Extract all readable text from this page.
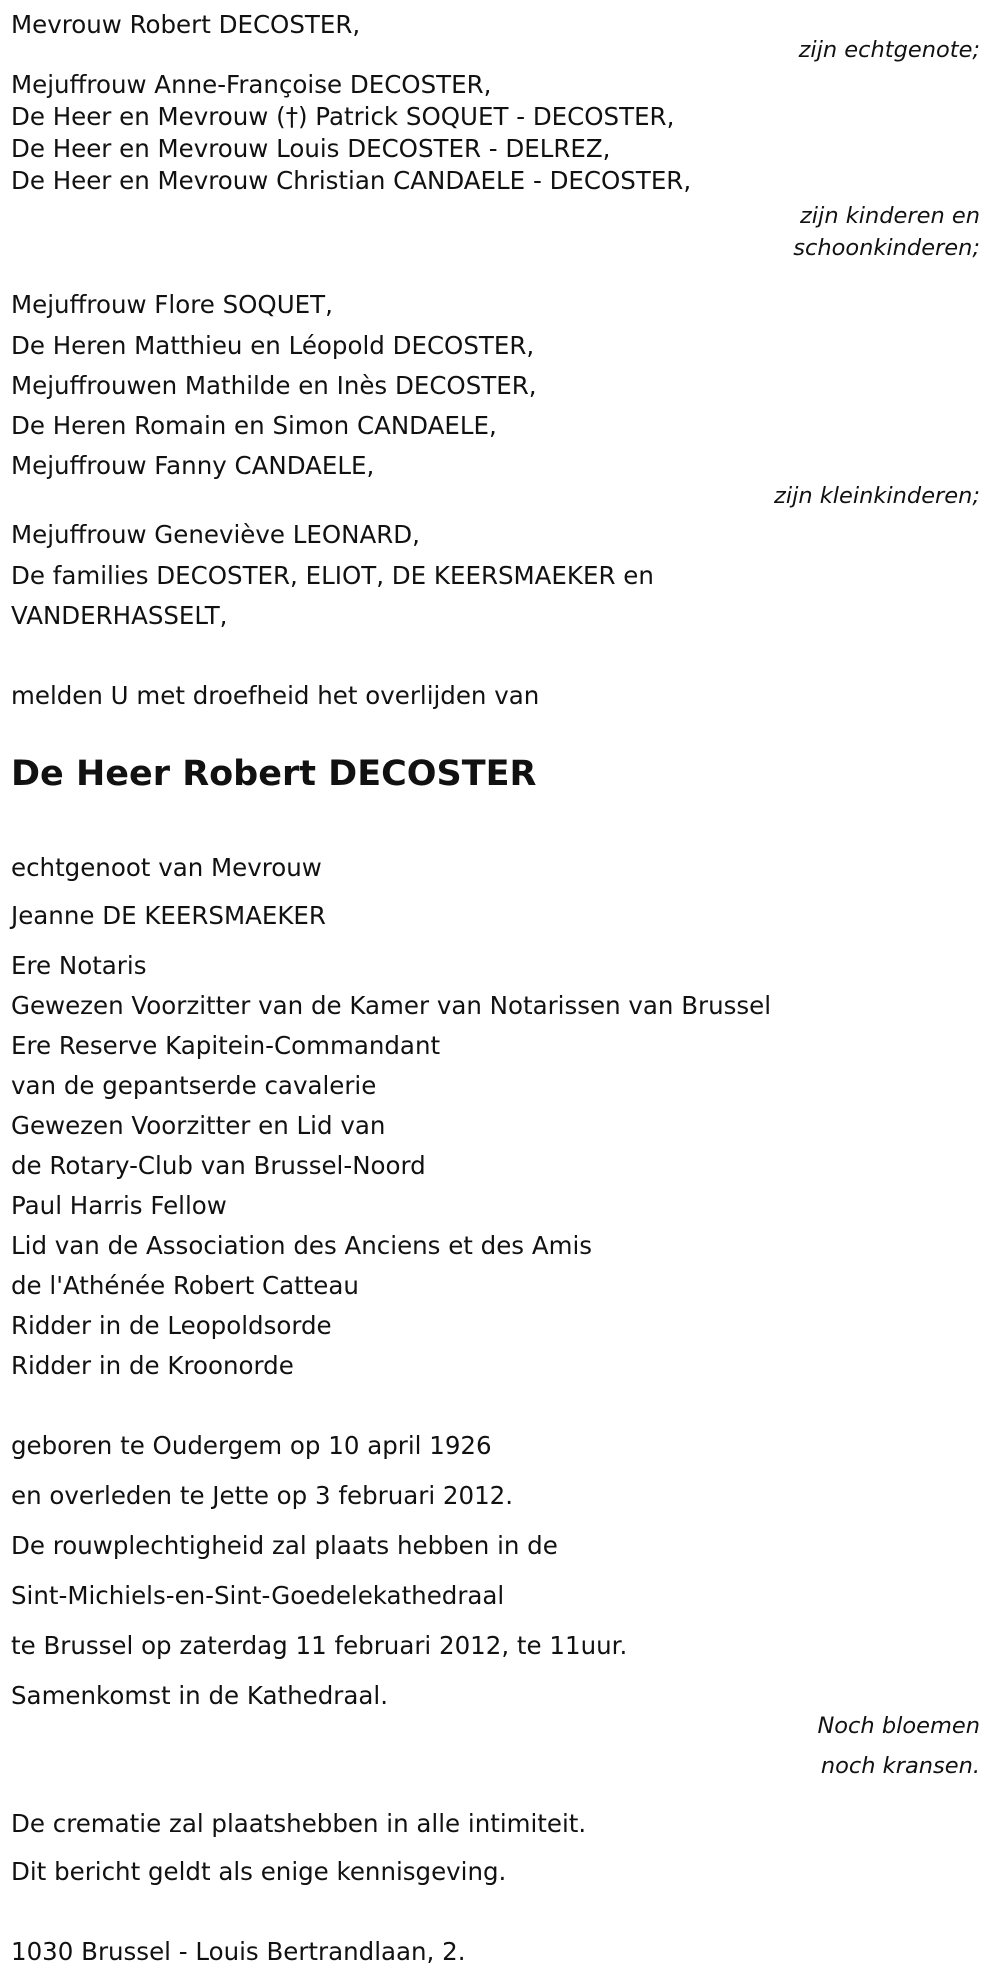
Mevrouw Robert DECOSTER,
zijn echtgenote;
Mejuffrouw Anne-Françoise DECOSTER,
De Heer en Mevrouw (†) Patrick SOQUET - DECOSTER,
De Heer en Mevrouw Louis DECOSTER - DELREZ,
De Heer en Mevrouw Christian CANDAELE - DECOSTER,
zijn kinderen en
schoonkinderen;
Mejuffrouw Flore SOQUET,
De Heren Matthieu en Léopold DECOSTER,
Mejuffrouwen Mathilde en Inès DECOSTER,
De Heren Romain en Simon CANDAELE,
Mejuffrouw Fanny CANDAELE,
zijn kleinkinderen;
Mejuffrouw Geneviève LEONARD,
De families DECOSTER, ELIOT, DE KEERSMAEKER en
VANDERHASSELT,
melden U met droefheid het overlijden van
De Heer Robert DECOSTER
echtgenoot van Mevrouw
Jeanne DE KEERSMAEKER
Ere Notaris
Gewezen Voorzitter van de Kamer van Notarissen van Brussel
Ere Reserve Kapitein-Commandant
van de gepantserde cavalerie
Gewezen Voorzitter en Lid van
de Rotary-Club van Brussel-Noord
Paul Harris Fellow
Lid van de Association des Anciens et des Amis
de l'Athénée Robert Catteau
Ridder in de Leopoldsorde
Ridder in de Kroonorde
geboren te Oudergem op 10 april 1926
en overleden te Jette op 3 februari 2012.
De rouwplechtigheid zal plaats hebben in de
Sint-Michiels-en-Sint-Goedelekathedraal
te Brussel op zaterdag 11 februari 2012, te 11uur.
Samenkomst in de Kathedraal.
Noch bloemen
noch kransen.
De crematie zal plaatshebben in alle intimiteit.
Dit bericht geldt als enige kennisgeving.
1030 Brussel - Louis Bertrandlaan, 2.
